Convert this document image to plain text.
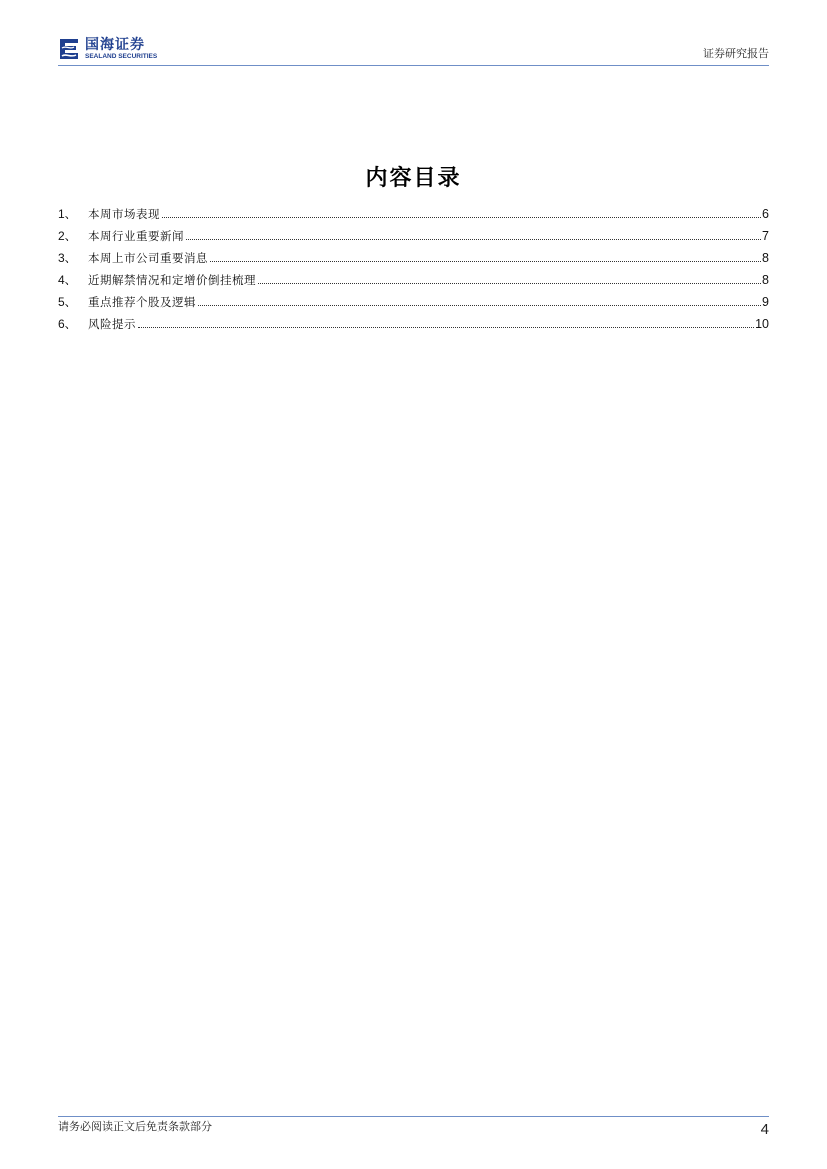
国海证券
SEALAND SECURITIES	证券研究报告
内容目录
1、 本周市场表现	6
2、 本周行业重要新闻	7
3、 本周上市公司重要消息	8
4、 近期解禁情况和定增价倒挂梳理	8
5、 重点推荐个股及逻辑	9
6、 风险提示	10
请务必阅读正文后免责条款部分	4
